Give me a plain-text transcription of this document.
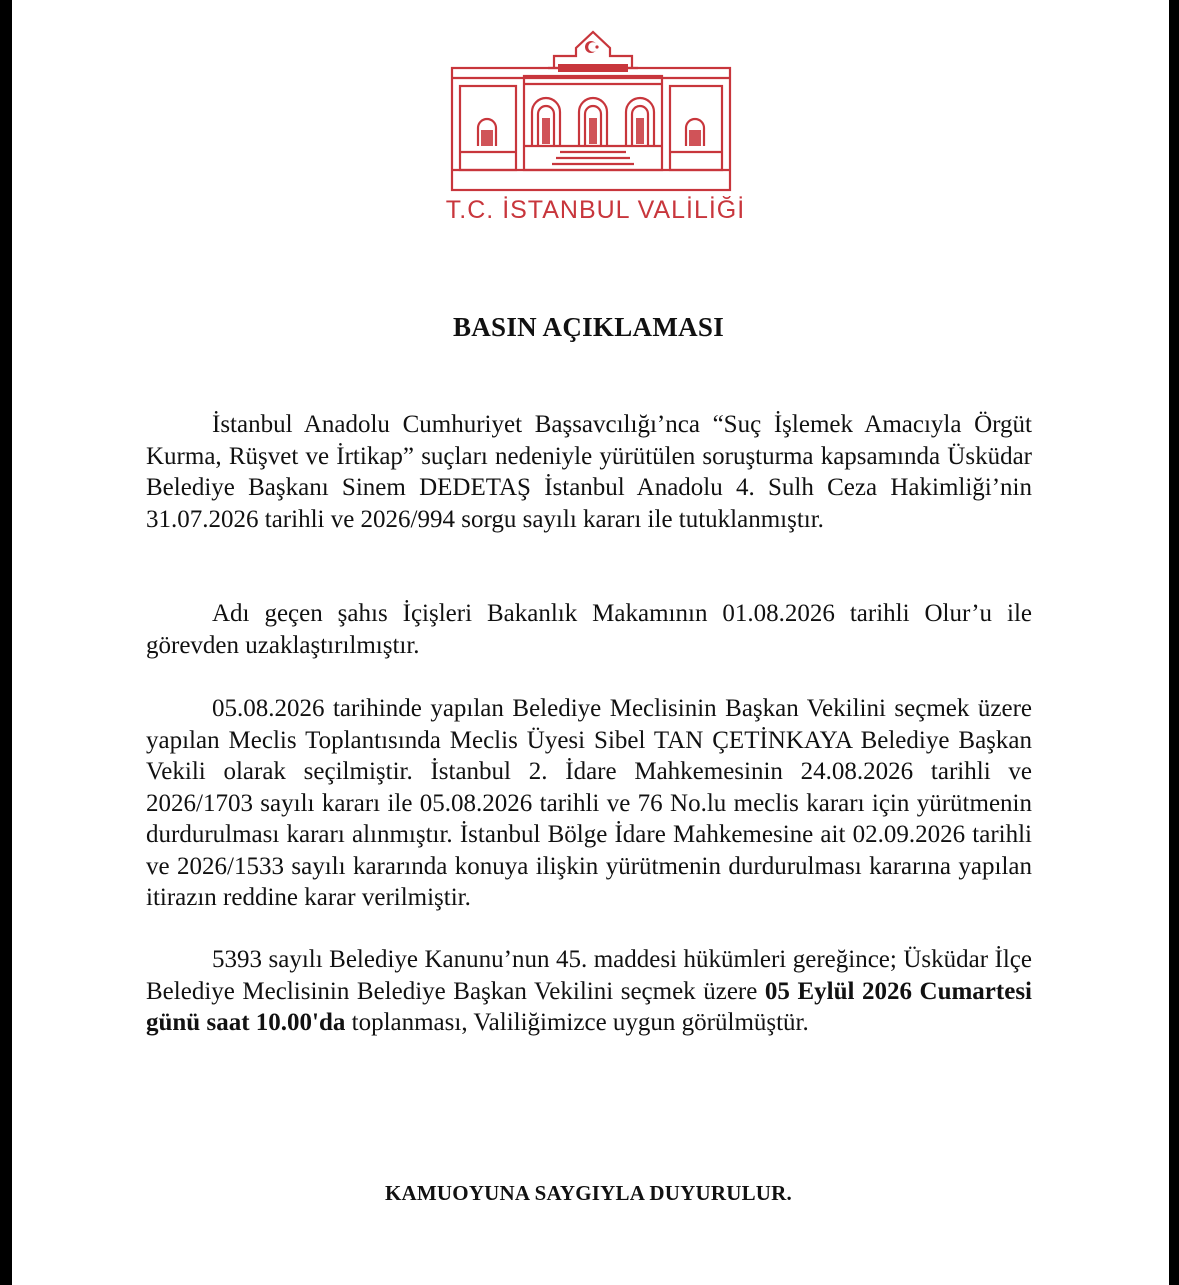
T.C. İSTANBUL VALİLİĞİ
BASIN AÇIKLAMASI

İstanbul Anadolu Cumhuriyet Başsavcılığı’nca “Suç İşlemek Amacıyla Örgüt Kurma, Rüşvet ve İrtikap” suçları nedeniyle yürütülen soruşturma kapsamında Üsküdar Belediye Başkanı Sinem DEDETAŞ İstanbul Anadolu 4. Sulh Ceza Hakimliği’nin 31.07.2026 tarihli ve 2026/994 sorgu sayılı kararı ile tutuklanmıştır.

Adı geçen şahıs İçişleri Bakanlık Makamının 01.08.2026 tarihli Olur’u ile görevden uzaklaştırılmıştır.

05.08.2026 tarihinde yapılan Belediye Meclisinin Başkan Vekilini seçmek üzere yapılan Meclis Toplantısında Meclis Üyesi Sibel TAN ÇETİNKAYA Belediye Başkan Vekili olarak seçilmiştir. İstanbul 2. İdare Mahkemesinin 24.08.2026 tarihli ve 2026/1703 sayılı kararı ile 05.08.2026 tarihli ve 76 No.lu meclis kararı için yürütmenin durdurulması kararı alınmıştır. İstanbul Bölge İdare Mahkemesine ait 02.09.2026 tarihli ve 2026/1533 sayılı kararında konuya ilişkin yürütmenin durdurulması kararına yapılan itirazın reddine karar verilmiştir.

5393 sayılı Belediye Kanunu’nun 45. maddesi hükümleri gereğince; Üsküdar İlçe Belediye Meclisinin Belediye Başkan Vekilini seçmek üzere 05 Eylül 2026 Cumartesi günü saat 10.00'da toplanması, Valiliğimizce uygun görülmüştür.

KAMUOYUNA SAYGIYLA DUYURULUR.
